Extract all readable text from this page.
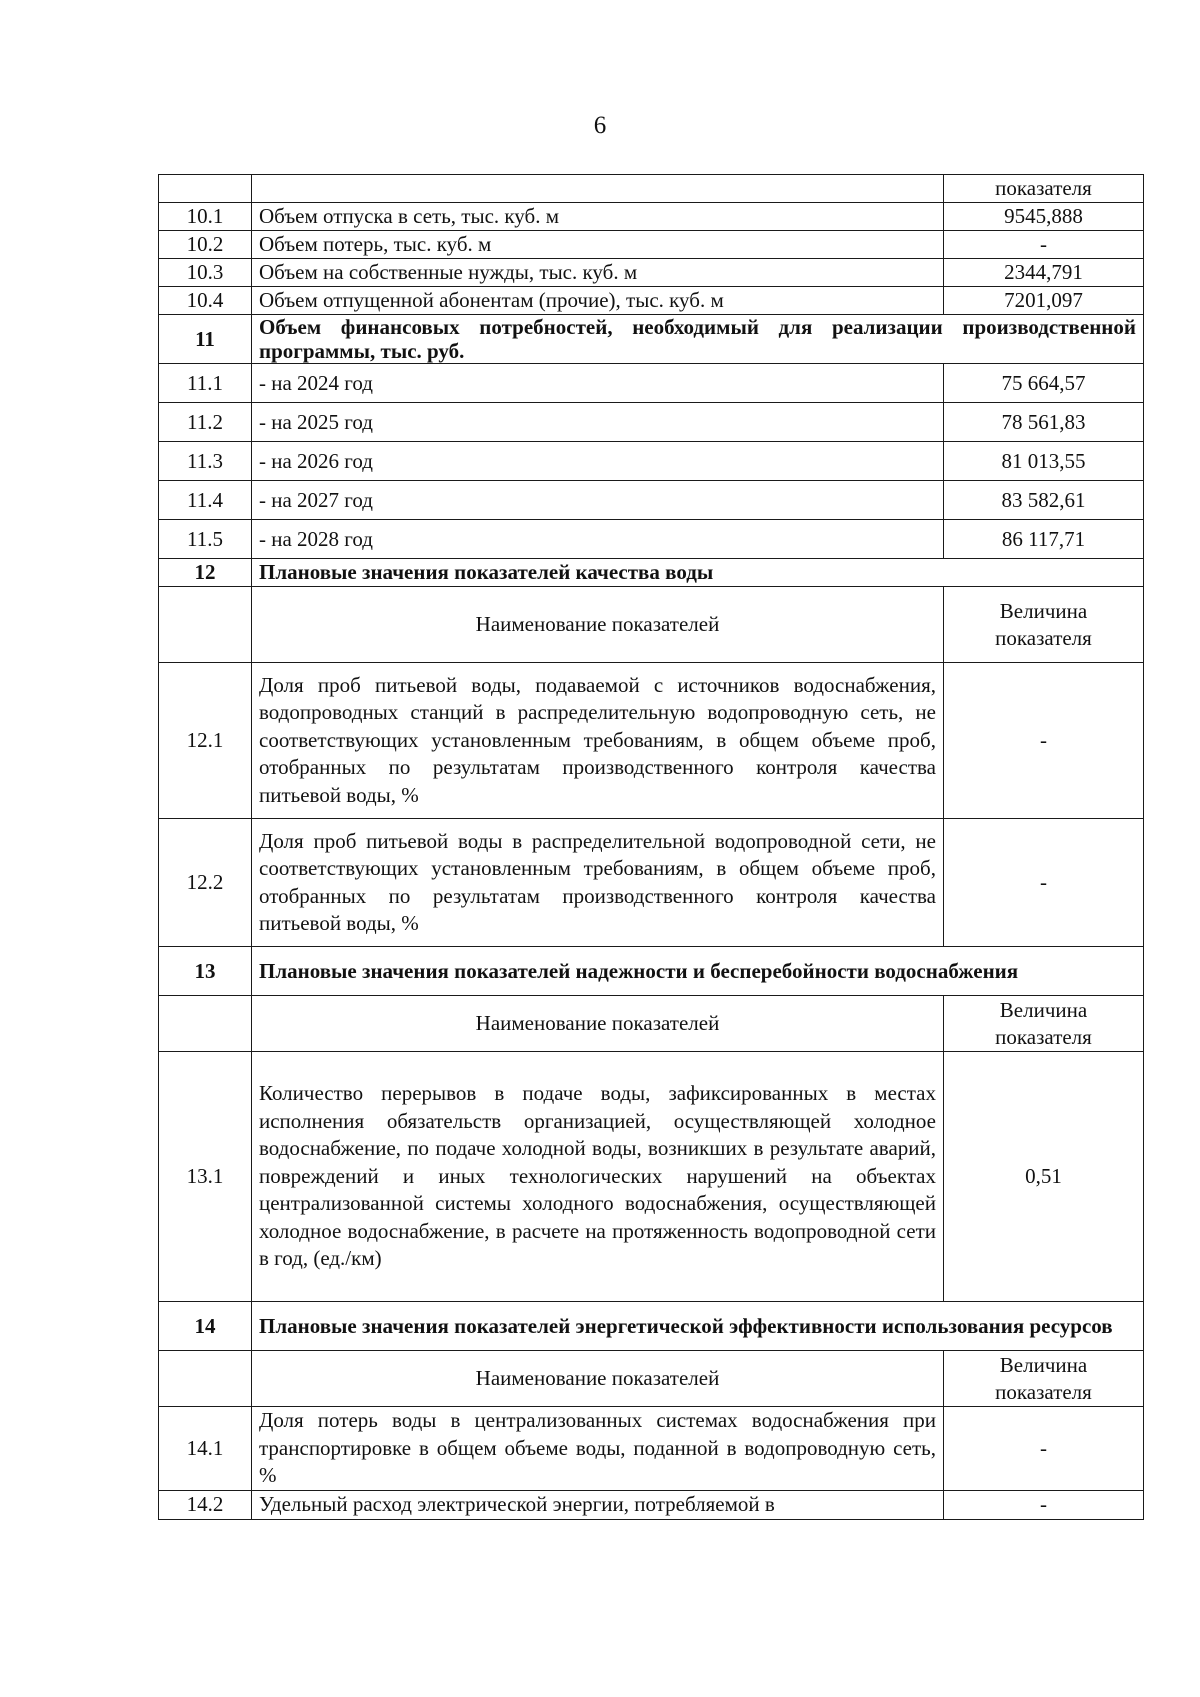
6
		показателя
10.1	Объем отпуска в сеть, тыс. куб. м	9545,888
10.2	Объем потерь, тыс. куб. м	-
10.3	Объем на собственные нужды, тыс. куб. м	2344,791
10.4	Объем отпущенной абонентам (прочие), тыс. куб. м	7201,097
11	Объем финансовых потребностей, необходимый для реализации производственной программы, тыс. руб.	
11.1	- на 2024 год	75 664,57
11.2	- на 2025 год	78 561,83
11.3	- на 2026 год	81 013,55
11.4	- на 2027 год	83 582,61
11.5	- на 2028 год	86 117,71
12	Плановые значения показателей качества воды	
	Наименование показателей	Величина показателя
12.1	Доля проб питьевой воды, подаваемой с источников водоснабжения, водопроводных станций в распределительную водопроводную сеть, не соответствующих установленным требованиям, в общем объеме проб, отобранных по результатам производственного контроля качества питьевой воды, %	-
12.2	Доля проб питьевой воды в распределительной водопроводной сети, не соответствующих установленным требованиям, в общем объеме проб, отобранных по результатам производственного контроля качества питьевой воды, %	-
13	Плановые значения показателей надежности и бесперебойности водоснабжения	
	Наименование показателей	Величина показателя
13.1	Количество перерывов в подаче воды, зафиксированных в местах исполнения обязательств организацией, осуществляющей холодное водоснабжение, по подаче холодной воды, возникших в результате аварий, повреждений и иных технологических нарушений на объектах централизованной системы холодного водоснабжения, осуществляющей холодное водоснабжение, в расчете на протяженность водопроводной сети в год, (ед./км)	0,51
14	Плановые значения показателей энергетической эффективности использования ресурсов	
	Наименование показателей	Величина показателя
14.1	Доля потерь воды в централизованных системах водоснабжения при транспортировке в общем объеме воды, поданной в водопроводную сеть, %	-
14.2	Удельный расход электрической энергии, потребляемой в	-
